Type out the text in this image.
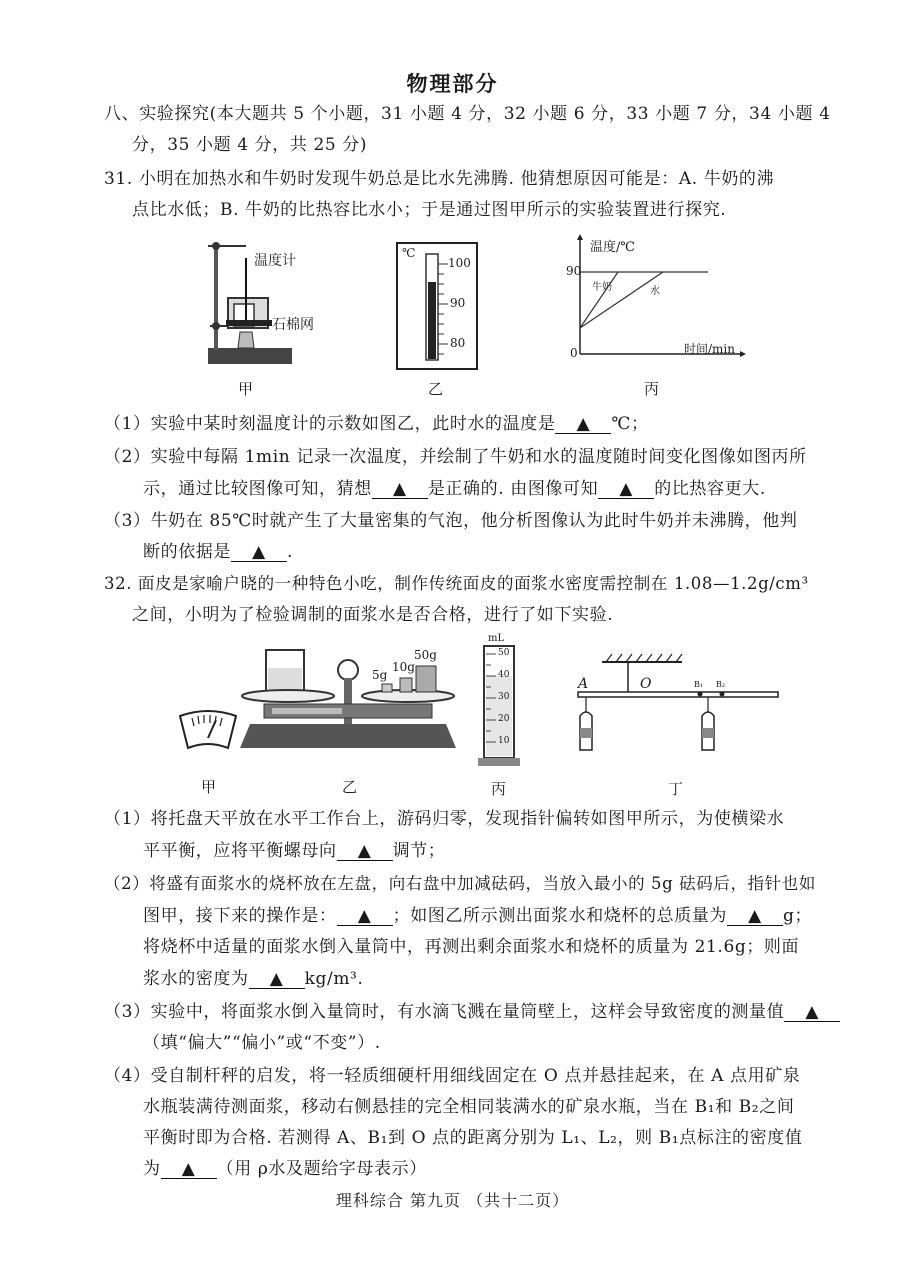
物理部分
八、实验探究(本大题共 5 个小题，31 小题 4 分，32 小题 6 分，33 小题 7 分，34 小题 4
分，35 小题 4 分，共 25 分)
31. 小明在加热水和牛奶时发现牛奶总是比水先沸腾. 他猜想原因可能是：A. 牛奶的沸
点比水低；B. 牛奶的比热容比水小；于是通过图甲所示的实验装置进行探究.
温度计
石棉网
甲
℃
100
90
80
乙
温度/℃
90
0	时间/min
牛奶	水
丙
（1）实验中某时刻温度计的示数如图乙，此时水的温度是 ▲ ℃；
（2）实验中每隔 1min 记录一次温度，并绘制了牛奶和水的温度随时间变化图像如图丙所
示，通过比较图像可知，猜想 ▲ 是正确的. 由图像可知 ▲ 的比热容更大.
（3）牛奶在 85℃时就产生了大量密集的气泡，他分析图像认为此时牛奶并未沸腾，他判
断的依据是 ▲ .
32. 面皮是家喻户晓的一种特色小吃，制作传统面皮的面浆水密度需控制在 1.08—1.2g/cm³
之间，小明为了检验调制的面浆水是否合格，进行了如下实验.
甲
50g
10g
5g
乙
mL
50
40
30
20
10
丙
A	O	B₁ B₂
丁
（1）将托盘天平放在水平工作台上，游码归零，发现指针偏转如图甲所示，为使横梁水
平平衡，应将平衡螺母向 ▲ 调节；
（2）将盛有面浆水的烧杯放在左盘，向右盘中加减砝码，当放入最小的 5g 砝码后，指针也如
图甲，接下来的操作是： ▲ ；如图乙所示测出面浆水和烧杯的总质量为 ▲ g；
将烧杯中适量的面浆水倒入量筒中，再测出剩余面浆水和烧杯的质量为 21.6g；则面
浆水的密度为 ▲ kg/m³.
（3）实验中，将面浆水倒入量筒时，有水滴飞溅在量筒壁上，这样会导致密度的测量值 ▲
（填“偏大”“偏小”或“不变”）.
（4）受自制杆秤的启发，将一轻质细硬杆用细线固定在 O 点并悬挂起来，在 A 点用矿泉
水瓶装满待测面浆，移动右侧悬挂的完全相同装满水的矿泉水瓶，当在 B₁和 B₂之间
平衡时即为合格. 若测得 A、B₁到 O 点的距离分别为 L₁、L₂，则 B₁点标注的密度值
为 ▲ （用 ρ水及题给字母表示）
理科综合 第九页 （共十二页）
